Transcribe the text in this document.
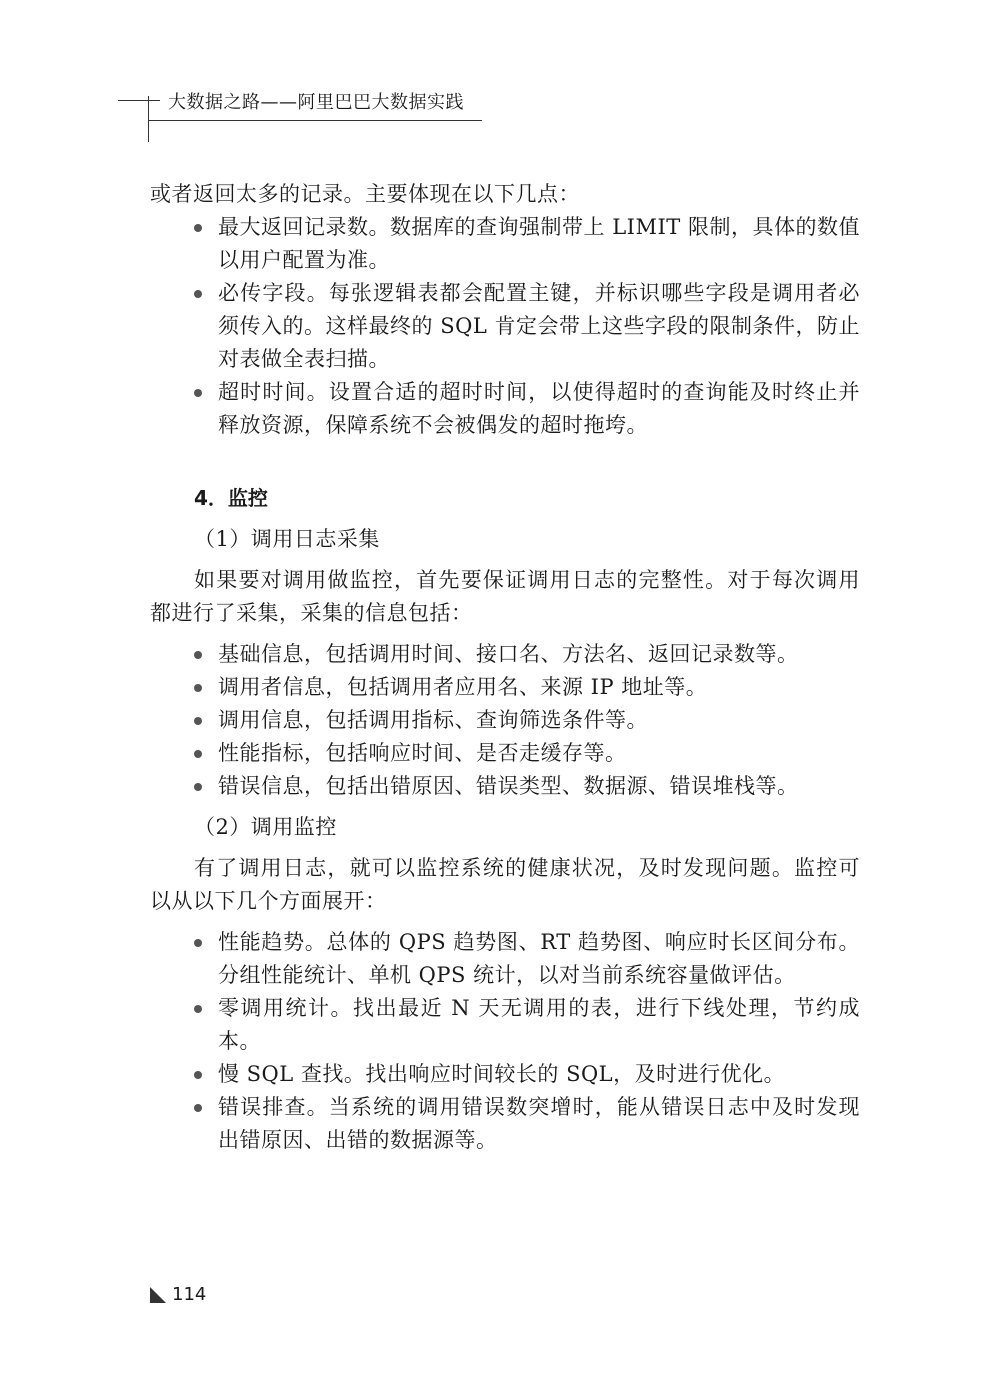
大数据之路——阿里巴巴大数据实践

或者返回太多的记录。主要体现在以下几点：

最大返回记录数。数据库的查询强制带上 LIMIT 限制，具体的数值以用户配置为准。
必传字段。每张逻辑表都会配置主键，并标识哪些字段是调用者必须传入的。这样最终的 SQL 肯定会带上这些字段的限制条件，防止对表做全表扫描。
超时时间。设置合适的超时时间，以使得超时的查询能及时终止并释放资源，保障系统不会被偶发的超时拖垮。

4．监控

（1）调用日志采集

如果要对调用做监控，首先要保证调用日志的完整性。对于每次调用都进行了采集，采集的信息包括：

基础信息，包括调用时间、接口名、方法名、返回记录数等。
调用者信息，包括调用者应用名、来源 IP 地址等。
调用信息，包括调用指标、查询筛选条件等。
性能指标，包括响应时间、是否走缓存等。
错误信息，包括出错原因、错误类型、数据源、错误堆栈等。

（2）调用监控

有了调用日志，就可以监控系统的健康状况，及时发现问题。监控可以从以下几个方面展开：

性能趋势。总体的 QPS 趋势图、RT 趋势图、响应时长区间分布。分组性能统计、单机 QPS 统计，以对当前系统容量做评估。
零调用统计。找出最近 N 天无调用的表，进行下线处理，节约成本。
慢 SQL 查找。找出响应时间较长的 SQL，及时进行优化。
错误排查。当系统的调用错误数突增时，能从错误日志中及时发现出错原因、出错的数据源等。
114
